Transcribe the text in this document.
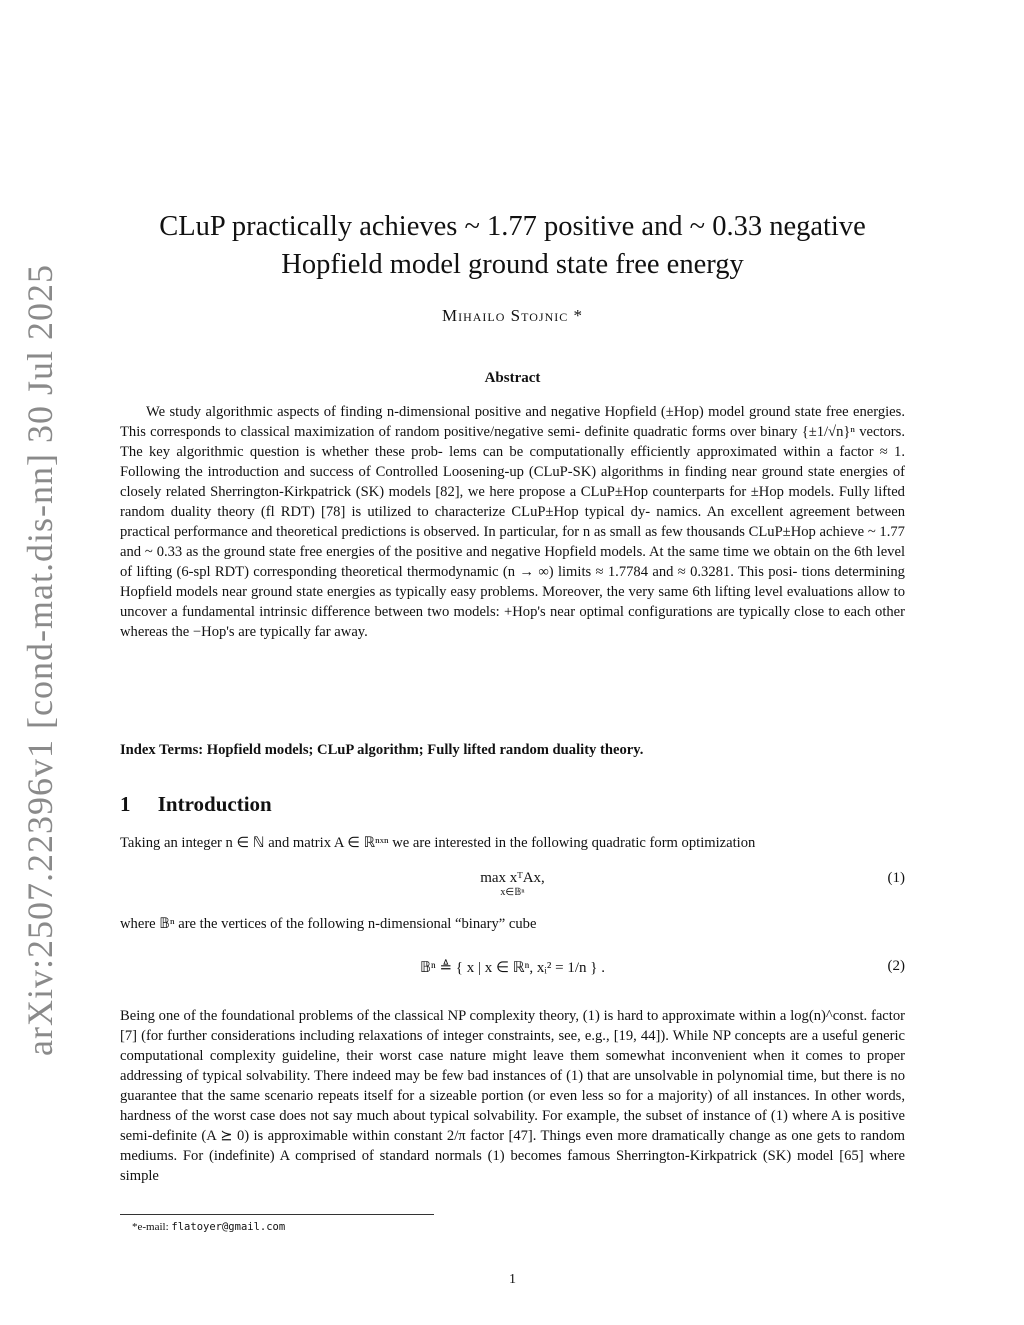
arXiv:2507.22396v1 [cond-mat.dis-nn] 30 Jul 2025
CLuP practically achieves ~ 1.77 positive and ~ 0.33 negative
Hopfield model ground state free energy
Mihailo Stojnic *
Abstract
We study algorithmic aspects of finding n-dimensional positive and negative Hopfield (±Hop) model ground state free energies. This corresponds to classical maximization of random positive/negative semi- definite quadratic forms over binary {±1/√n}ⁿ vectors. The key algorithmic question is whether these prob- lems can be computationally efficiently approximated within a factor ≈ 1. Following the introduction and success of Controlled Loosening-up (CLuP-SK) algorithms in finding near ground state energies of closely related Sherrington-Kirkpatrick (SK) models [82], we here propose a CLuP±Hop counterparts for ±Hop models. Fully lifted random duality theory (fl RDT) [78] is utilized to characterize CLuP±Hop typical dy- namics. An excellent agreement between practical performance and theoretical predictions is observed. In particular, for n as small as few thousands CLuP±Hop achieve ~ 1.77 and ~ 0.33 as the ground state free energies of the positive and negative Hopfield models. At the same time we obtain on the 6th level of lifting (6-spl RDT) corresponding theoretical thermodynamic (n → ∞) limits ≈ 1.7784 and ≈ 0.3281. This posi- tions determining Hopfield models near ground state energies as typically easy problems. Moreover, the very same 6th lifting level evaluations allow to uncover a fundamental intrinsic difference between two models: +Hop's near optimal configurations are typically close to each other whereas the −Hop's are typically far away.
Index Terms: Hopfield models; CLuP algorithm; Fully lifted random duality theory.
1 Introduction
Taking an integer n ∈ ℕ and matrix A ∈ ℝⁿˣⁿ we are interested in the following quadratic form optimization
max xᵀAx,
x∈𝔹ⁿ
(1)
where 𝔹ⁿ are the vertices of the following n-dimensional “binary” cube
𝔹ⁿ ≜ { x | x ∈ ℝⁿ, xᵢ² = 1/n } .	(2)
Being one of the foundational problems of the classical NP complexity theory, (1) is hard to approximate within a log(n)^const. factor [7] (for further considerations including relaxations of integer constraints, see, e.g., [19, 44]). While NP concepts are a useful generic computational complexity guideline, their worst case nature might leave them somewhat inconvenient when it comes to proper addressing of typical solvability. There indeed may be few bad instances of (1) that are unsolvable in polynomial time, but there is no guarantee that the same scenario repeats itself for a sizeable portion (or even less so for a majority) of all instances. In other words, hardness of the worst case does not say much about typical solvability. For example, the subset of instance of (1) where A is positive semi-definite (A ⪰ 0) is approximable within constant 2/π factor [47]. Things even more dramatically change as one gets to random mediums. For (indefinite) A comprised of standard normals (1) becomes famous Sherrington-Kirkpatrick (SK) model [65] where simple
*e-mail: flatoyer@gmail.com
1
